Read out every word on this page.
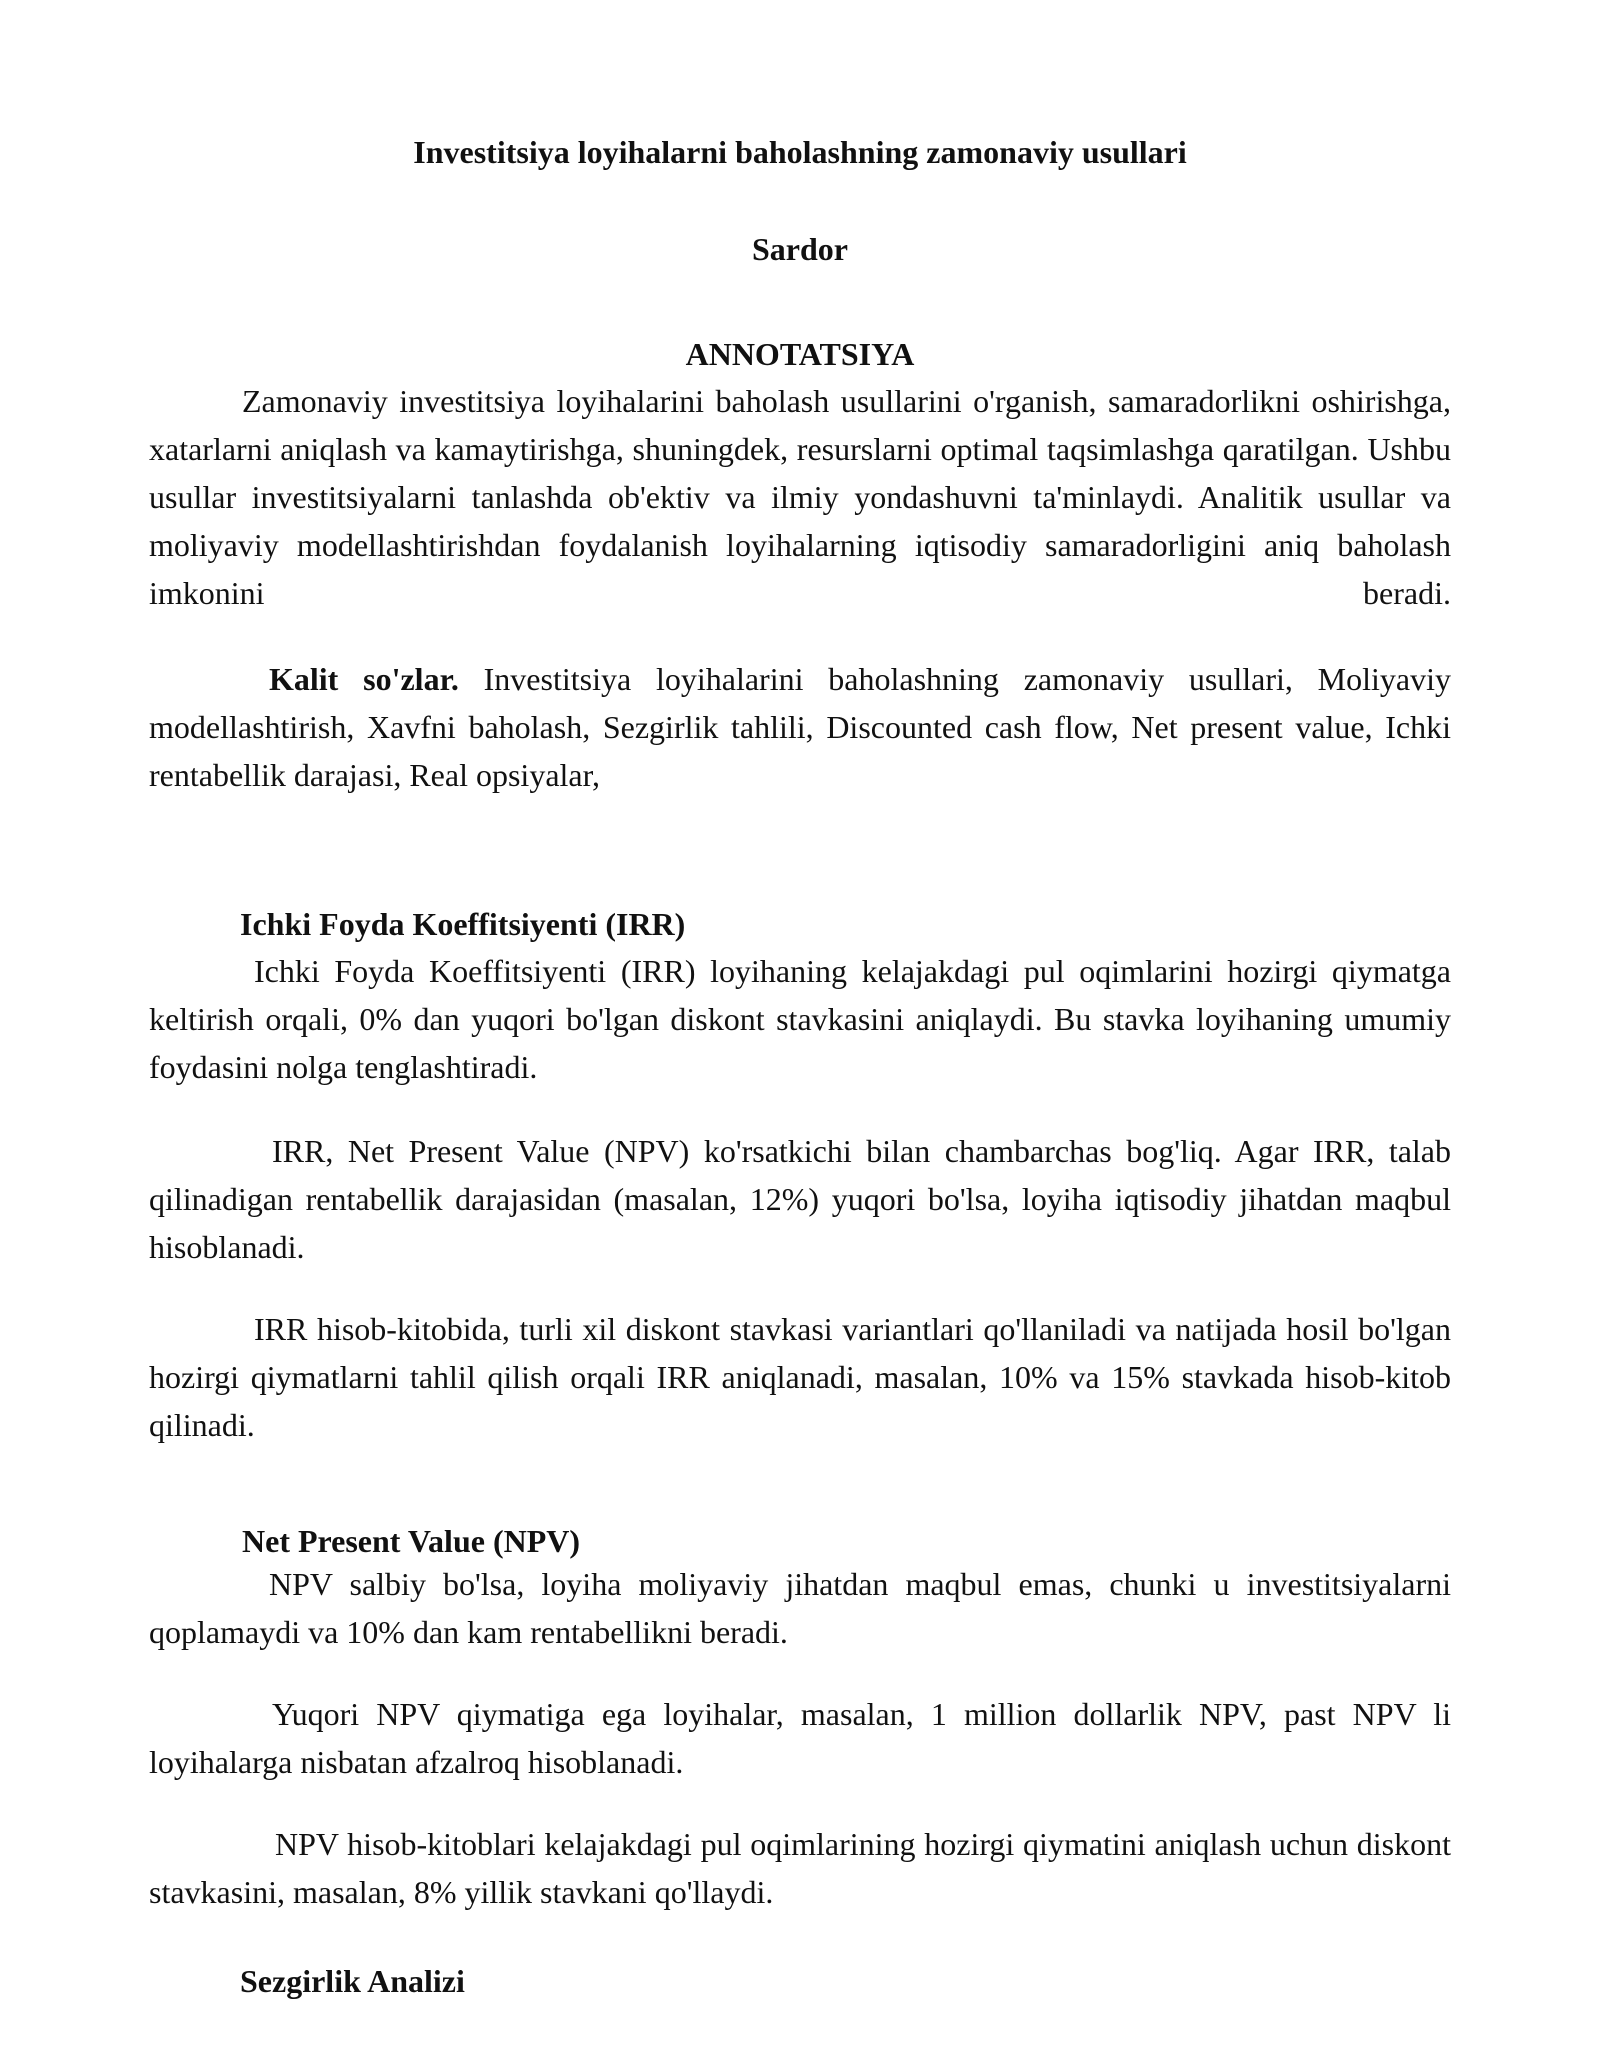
Investitsiya loyihalarni baholashning zamonaviy usullari
Sardor
ANNOTATSIYA
Zamonaviy investitsiya loyihalarini baholash usullarini o'rganish, samaradorlikni oshirishga, xatarlarni aniqlash va kamaytirishga, shuningdek, resurslarni optimal taqsimlashga qaratilgan. Ushbu usullar investitsiyalarni tanlashda ob'ektiv va ilmiy yondashuvni ta'minlaydi. Analitik usullar va moliyaviy modellashtirishdan foydalanish loyihalarning iqtisodiy samaradorligini aniq baholash imkonini beradi.
Kalit so'zlar. Investitsiya loyihalarini baholashning zamonaviy usullari, Moliyaviy modellashtirish, Xavfni baholash, Sezgirlik tahlili, Discounted cash flow, Net present value, Ichki rentabellik darajasi, Real opsiyalar,
Ichki Foyda Koeffitsiyenti (IRR)
Ichki Foyda Koeffitsiyenti (IRR) loyihaning kelajakdagi pul oqimlarini hozirgi qiymatga keltirish orqali, 0% dan yuqori bo'lgan diskont stavkasini aniqlaydi. Bu stavka loyihaning umumiy foydasini nolga tenglashtiradi.
IRR, Net Present Value (NPV) ko'rsatkichi bilan chambarchas bog'liq. Agar IRR, talab qilinadigan rentabellik darajasidan (masalan, 12%) yuqori bo'lsa, loyiha iqtisodiy jihatdan maqbul hisoblanadi.
IRR hisob-kitobida, turli xil diskont stavkasi variantlari qo'llaniladi va natijada hosil bo'lgan hozirgi qiymatlarni tahlil qilish orqali IRR aniqlanadi, masalan, 10% va 15% stavkada hisob-kitob qilinadi.
Net Present Value (NPV)
NPV salbiy bo'lsa, loyiha moliyaviy jihatdan maqbul emas, chunki u investitsiyalarni qoplamaydi va 10% dan kam rentabellikni beradi.
Yuqori NPV qiymatiga ega loyihalar, masalan, 1 million dollarlik NPV, past NPV li loyihalarga nisbatan afzalroq hisoblanadi.
NPV hisob-kitoblari kelajakdagi pul oqimlarining hozirgi qiymatini aniqlash uchun diskont stavkasini, masalan, 8% yillik stavkani qo'llaydi.
Sezgirlik Analizi
